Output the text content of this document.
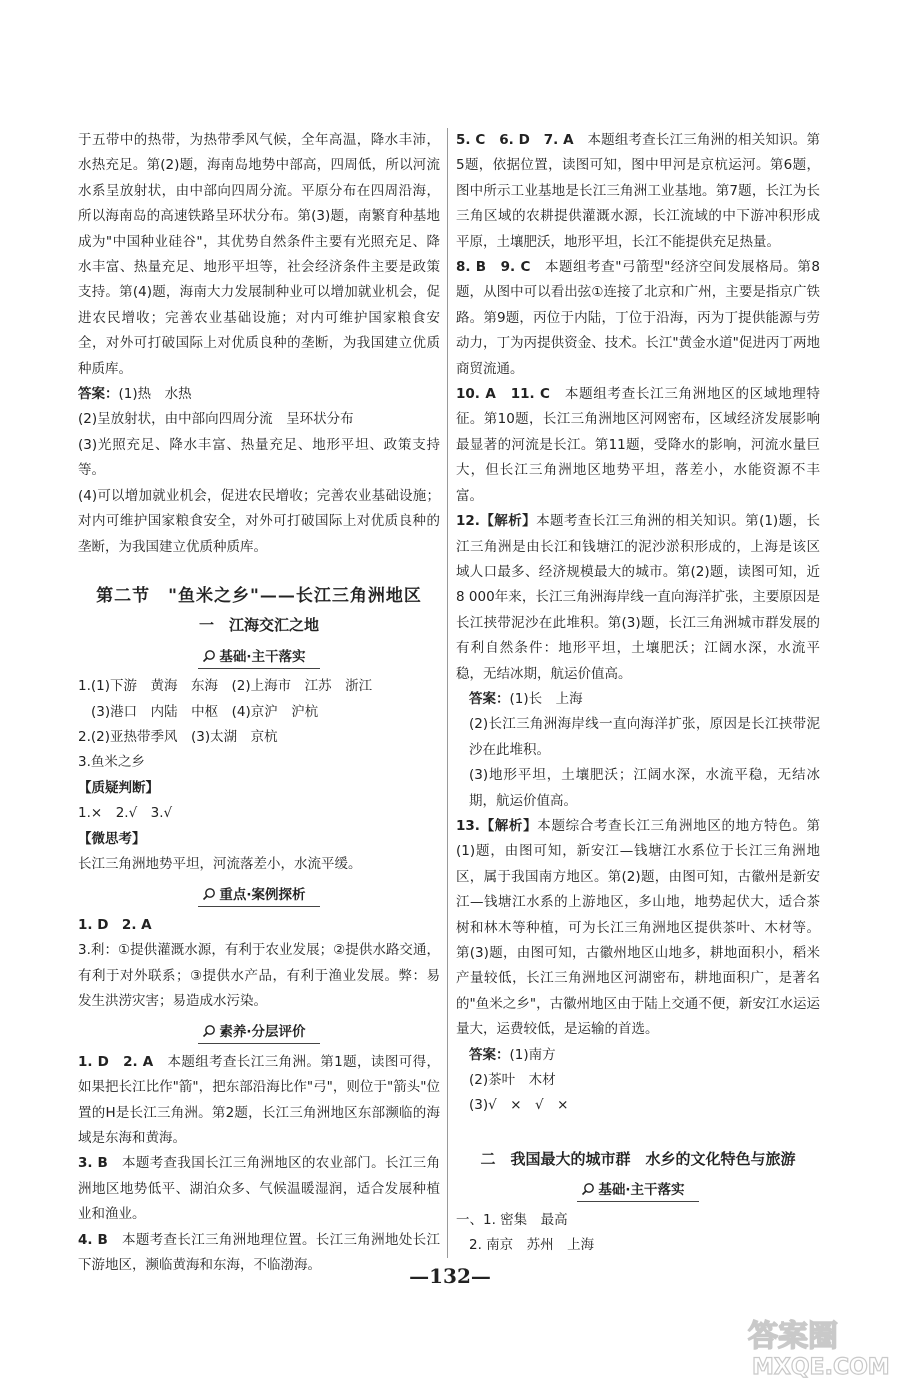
于五带中的热带，为热带季风气候，全年高温，降水丰沛，水热充足。第(2)题，海南岛地势中部高，四周低，所以河流水系呈放射状，由中部向四周分流。平原分布在四周沿海，所以海南岛的高速铁路呈环状分布。第(3)题，南繁育种基地成为"中国种业硅谷"，其优势自然条件主要有光照充足、降水丰富、热量充足、地形平坦等，社会经济条件主要是政策支持。第(4)题，海南大力发展制种业可以增加就业机会，促进农民增收；完善农业基础设施；对内可维护国家粮食安全，对外可打破国际上对优质良种的垄断，为我国建立优质种质库。

答案：(1)热　水热

(2)呈放射状，由中部向四周分流　呈环状分布

(3)光照充足、降水丰富、热量充足、地形平坦、政策支持等。

(4)可以增加就业机会，促进农民增收；完善农业基础设施；对内可维护国家粮食安全，对外可打破国际上对优质良种的垄断，为我国建立优质种质库。

第二节　"鱼米之乡"——长江三角洲地区
一　江海交汇之地
基础·主干落实

1.(1)下游　黄海　东海　(2)上海市　江苏　浙江

(3)港口　内陆　中枢　(4)京沪　沪杭

2.(2)亚热带季风　(3)太湖　京杭

3.鱼米之乡

【质疑判断】

1.×　2.√　3.√

【微思考】

长江三角洲地势平坦，河流落差小，水流平缓。

重点·案例探析

1. D　2. A

3.利：①提供灌溉水源，有利于农业发展；②提供水路交通，有利于对外联系；③提供水产品，有利于渔业发展。弊：易发生洪涝灾害；易造成水污染。

素养·分层评价

1. D　2. A　本题组考查长江三角洲。第1题，读图可得，如果把长江比作"箭"，把东部沿海比作"弓"，则位于"箭头"位置的H是长江三角洲。第2题，长江三角洲地区东部濒临的海域是东海和黄海。

3. B　本题考查我国长江三角洲地区的农业部门。长江三角洲地区地势低平、湖泊众多、气候温暖湿润，适合发展种植业和渔业。

4. B　本题考查长江三角洲地理位置。长江三角洲地处长江下游地区，濒临黄海和东海，不临渤海。

5. C　6. D　7. A　本题组考查长江三角洲的相关知识。第5题，依据位置，读图可知，图中甲河是京杭运河。第6题，图中所示工业基地是长江三角洲工业基地。第7题，长江为长三角区域的农耕提供灌溉水源，长江流域的中下游冲积形成平原，土壤肥沃，地形平坦，长江不能提供充足热量。

8. B　9. C　本题组考查"弓箭型"经济空间发展格局。第8题，从图中可以看出弦①连接了北京和广州，主要是指京广铁路。第9题，丙位于内陆，丁位于沿海，丙为丁提供能源与劳动力，丁为丙提供资金、技术。长江"黄金水道"促进丙丁两地商贸流通。

10. A　11. C　本题组考查长江三角洲地区的区域地理特征。第10题，长江三角洲地区河网密布，区域经济发展影响最显著的河流是长江。第11题，受降水的影响，河流水量巨大，但长江三角洲地区地势平坦，落差小，水能资源不丰富。

12.【解析】本题考查长江三角洲的相关知识。第(1)题，长江三角洲是由长江和钱塘江的泥沙淤积形成的，上海是该区域人口最多、经济规模最大的城市。第(2)题，读图可知，近8 000年来，长江三角洲海岸线一直向海洋扩张，主要原因是长江挟带泥沙在此堆积。第(3)题，长江三角洲城市群发展的有利自然条件：地形平坦，土壤肥沃；江阔水深，水流平稳，无结冰期，航运价值高。

答案：(1)长　上海

(2)长江三角洲海岸线一直向海洋扩张，原因是长江挟带泥沙在此堆积。

(3)地形平坦，土壤肥沃；江阔水深，水流平稳，无结冰期，航运价值高。

13.【解析】本题综合考查长江三角洲地区的地方特色。第(1)题，由图可知，新安江—钱塘江水系位于长江三角洲地区，属于我国南方地区。第(2)题，由图可知，古徽州是新安江—钱塘江水系的上游地区，多山地，地势起伏大，适合茶树和林木等种植，可为长江三角洲地区提供茶叶、木材等。第(3)题，由图可知，古徽州地区山地多，耕地面积小，稻米产量较低，长江三角洲地区河湖密布，耕地面积广，是著名的"鱼米之乡"，古徽州地区由于陆上交通不便，新安江水运运量大，运费较低，是运输的首选。

答案：(1)南方

(2)茶叶　木材

(3)√　×　√　×

二　我国最大的城市群　水乡的文化特色与旅游
基础·主干落实

一、1. 密集　最高

2. 南京　苏州　上海

—132—
答案圈
MXQE.COM
